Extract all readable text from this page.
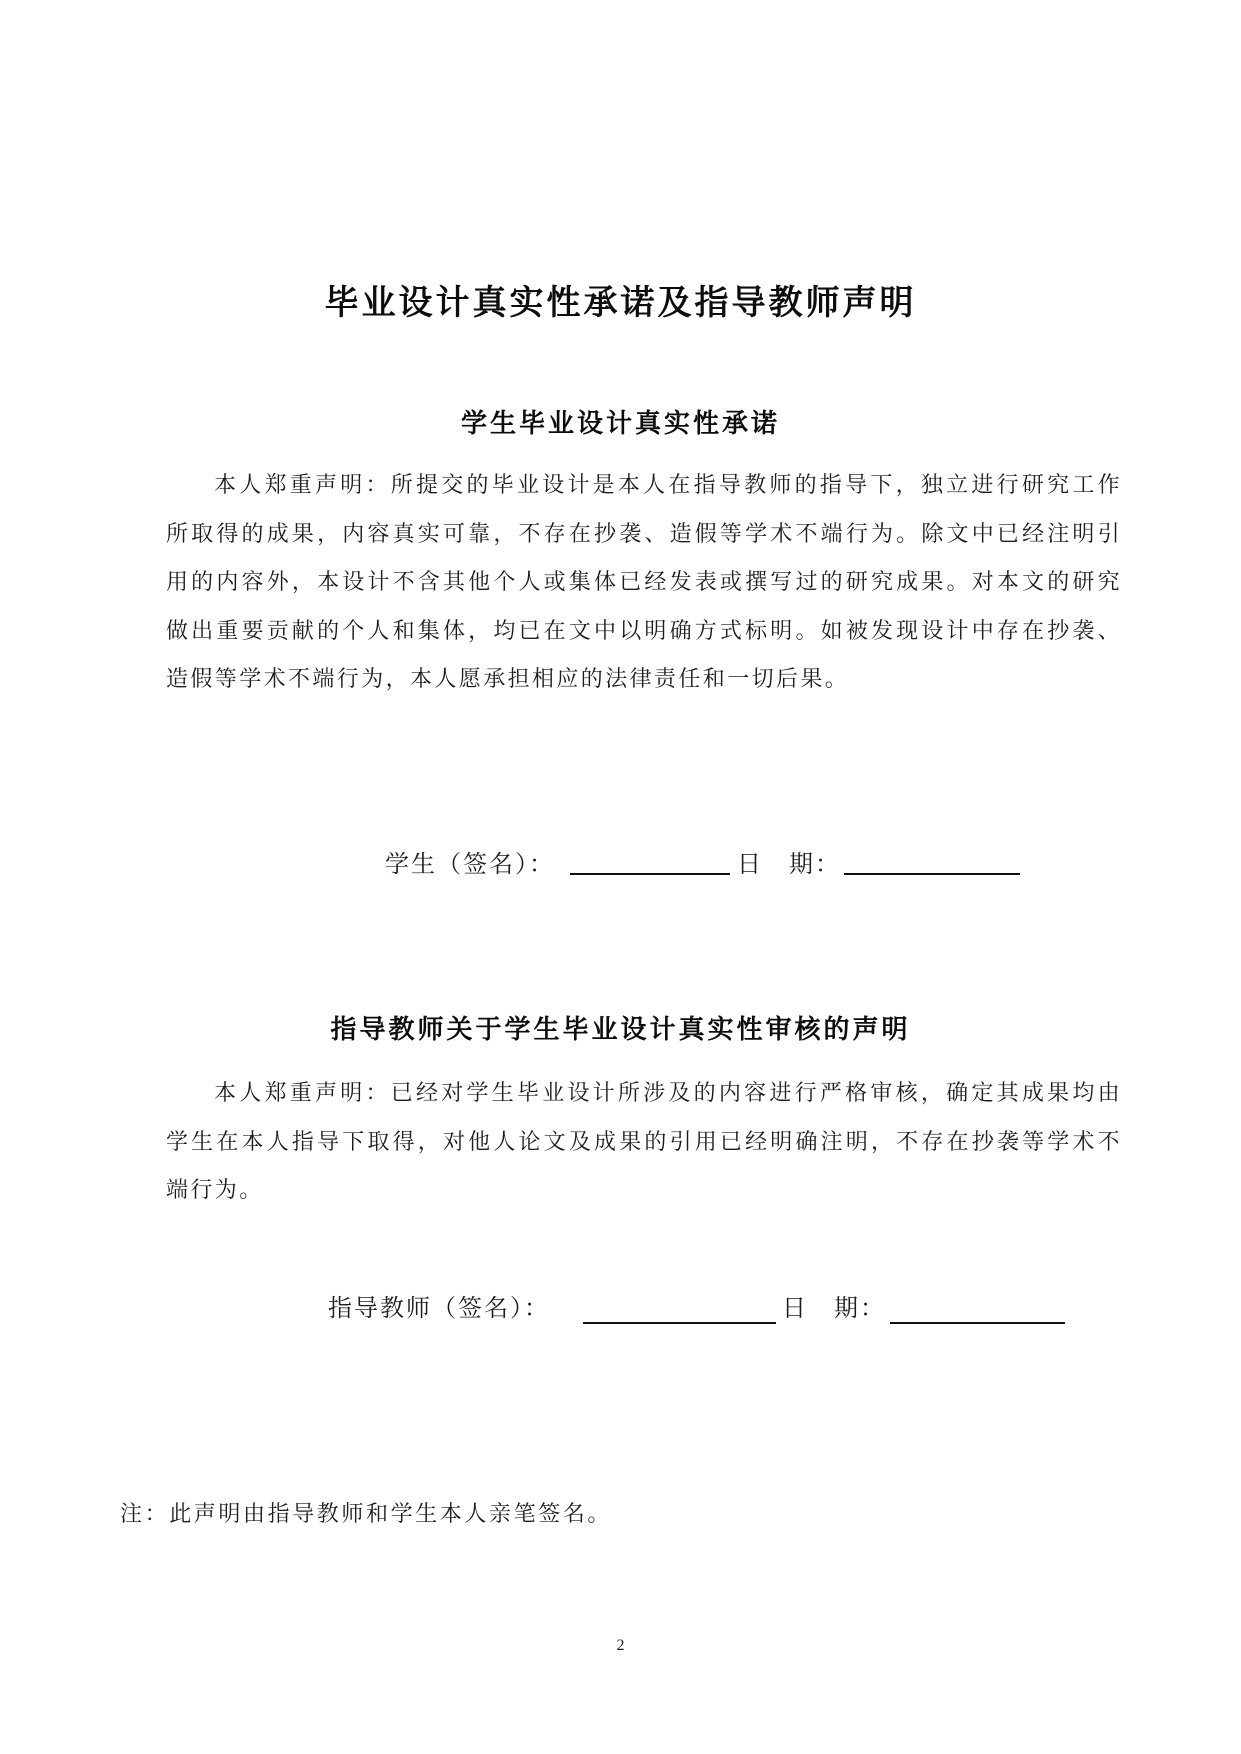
毕业设计真实性承诺及指导教师声明
学生毕业设计真实性承诺
本人郑重声明：所提交的毕业设计是本人在指导教师的指导下，独立进行研究工作
所取得的成果，内容真实可靠，不存在抄袭、造假等学术不端行为。除文中已经注明引
用的内容外，本设计不含其他个人或集体已经发表或撰写过的研究成果。对本文的研究
做出重要贡献的个人和集体，均已在文中以明确方式标明。如被发现设计中存在抄袭、
造假等学术不端行为，本人愿承担相应的法律责任和一切后果。
学生（签名）：	日　期：
指导教师关于学生毕业设计真实性审核的声明
本人郑重声明：已经对学生毕业设计所涉及的内容进行严格审核，确定其成果均由
学生在本人指导下取得，对他人论文及成果的引用已经明确注明，不存在抄袭等学术不
端行为。
指导教师（签名）：	日　期：
注：此声明由指导教师和学生本人亲笔签名。
2
